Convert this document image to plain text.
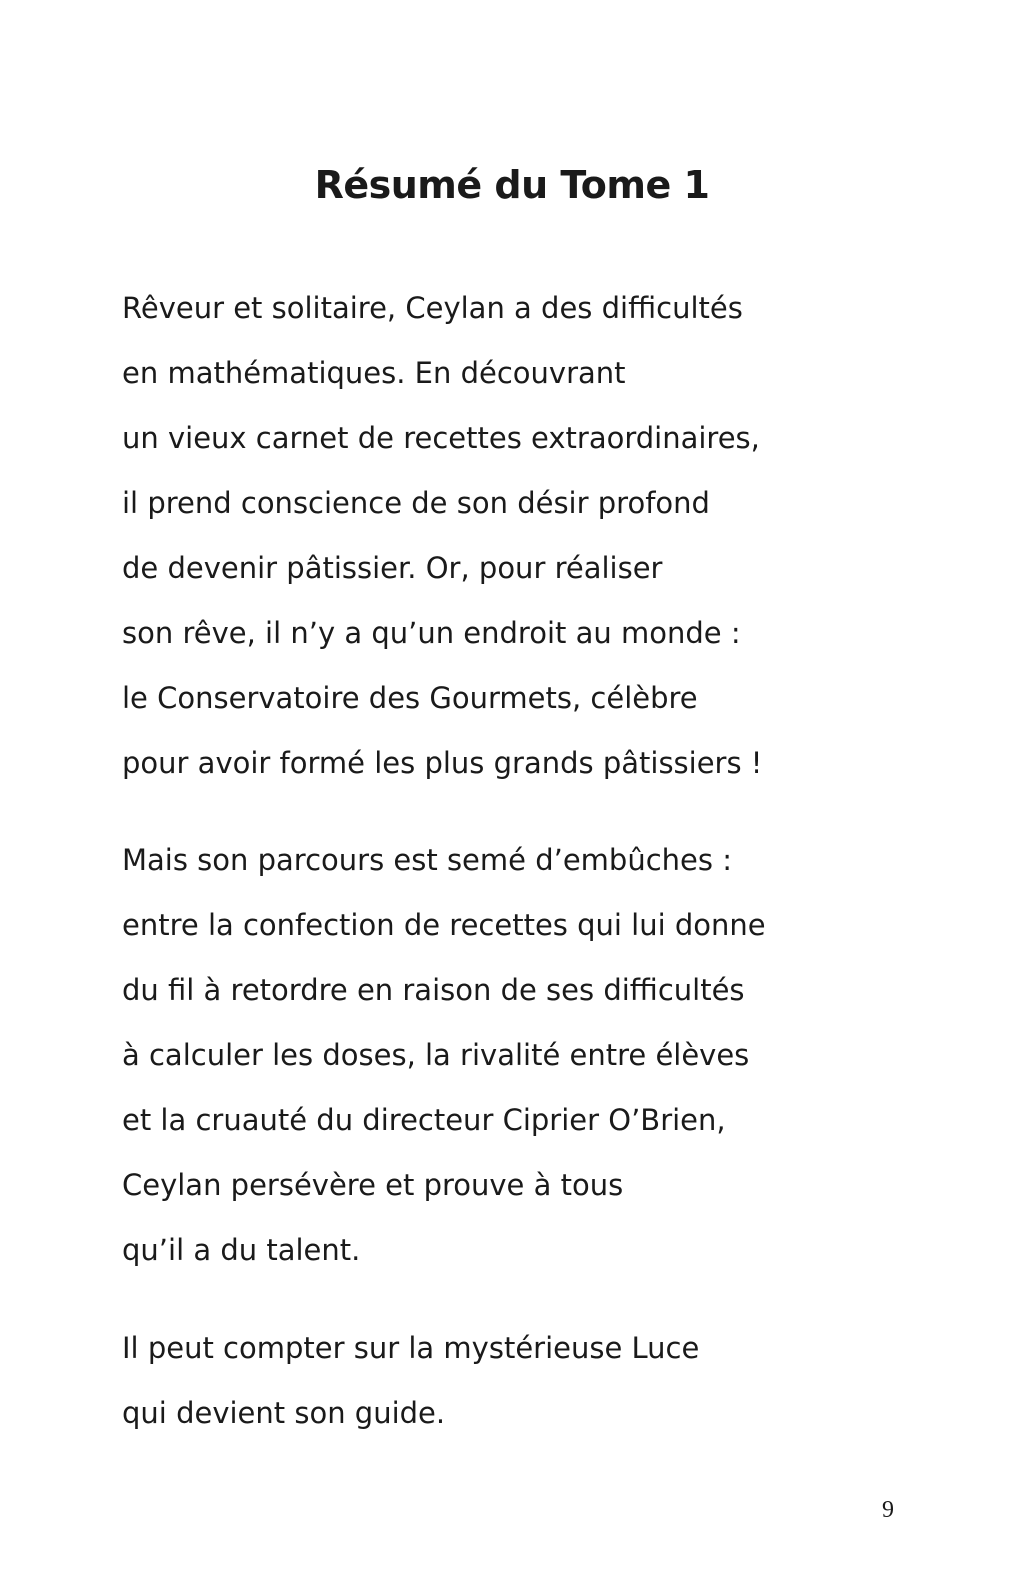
Résumé du Tome 1
Rêveur et solitaire, Ceylan a des difficultés
en mathématiques. En découvrant
un vieux carnet de recettes extraordinaires,
il prend conscience de son désir profond
de devenir pâtissier. Or, pour réaliser
son rêve, il n’y a qu’un endroit au monde :
le Conservatoire des Gourmets, célèbre
pour avoir formé les plus grands pâtissiers !
Mais son parcours est semé d’embûches :
entre la confection de recettes qui lui donne
du fil à retordre en raison de ses difficultés
à calculer les doses, la rivalité entre élèves
et la cruauté du directeur Ciprier O’Brien,
Ceylan persévère et prouve à tous
qu’il a du talent.
Il peut compter sur la mystérieuse Luce
qui devient son guide.
9
